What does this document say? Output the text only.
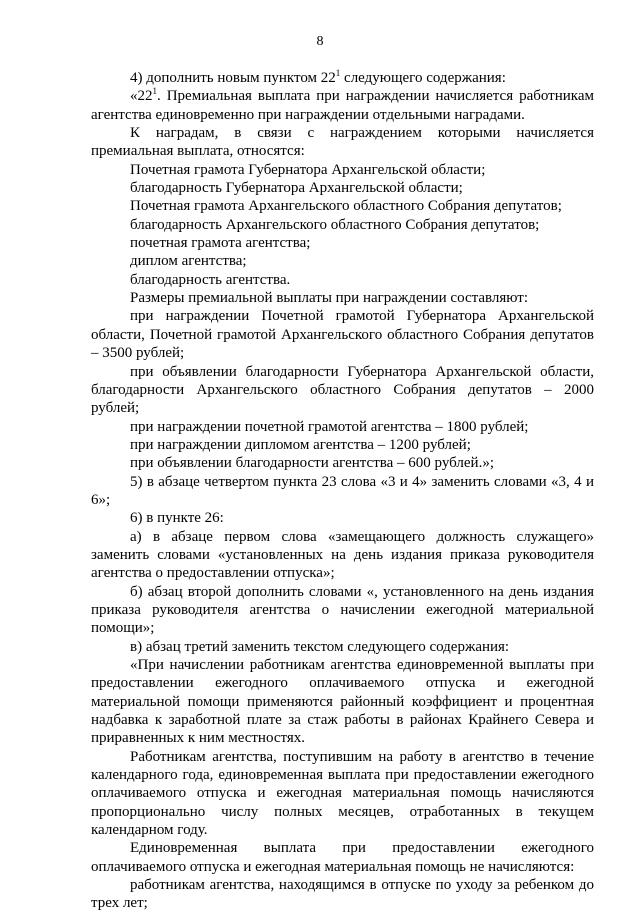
8

4) дополнить новым пунктом $22^1$ следующего содержания:

«$22^1$. Премиальная выплата при награждении начисляется работникам агентства единовременно при награждении отдельными наградами.

К наградам, в связи с награждением которыми начисляется премиальная выплата, относятся:

Почетная грамота Губернатора Архангельской области;

благодарность Губернатора Архангельской области;

Почетная грамота Архангельского областного Собрания депутатов;

благодарность Архангельского областного Собрания депутатов;

почетная грамота агентства;

диплом агентства;

благодарность агентства.

Размеры премиальной выплаты при награждении составляют:

при награждении Почетной грамотой Губернатора Архангельской области, Почетной грамотой Архангельского областного Собрания депутатов – 3500 рублей;

при объявлении благодарности Губернатора Архангельской области, благодарности Архангельского областного Собрания депутатов – 2000 рублей;

при награждении почетной грамотой агентства – 1800 рублей;

при награждении дипломом агентства – 1200 рублей;

при объявлении благодарности агентства – 600 рублей.»;

5) в абзаце четвертом пункта 23 слова «3 и 4» заменить словами «3, 4 и 6»;

6) в пункте 26:

а) в абзаце первом слова «замещающего должность служащего» заменить словами «установленных на день издания приказа руководителя агентства о предоставлении отпуска»;

б) абзац второй дополнить словами «, установленного на день издания приказа руководителя агентства о начислении ежегодной материальной помощи»;

в) абзац третий заменить текстом следующего содержания:

«При начислении работникам агентства единовременной выплаты при предоставлении ежегодного оплачиваемого отпуска и ежегодной материальной помощи применяются районный коэффициент и процентная надбавка к заработной плате за стаж работы в районах Крайнего Севера и приравненных к ним местностях.

Работникам агентства, поступившим на работу в агентство в течение календарного года, единовременная выплата при предоставлении ежегодного оплачиваемого отпуска и ежегодная материальная помощь начисляются пропорционально числу полных месяцев, отработанных в текущем календарном году.

Единовременная выплата при предоставлении ежегодного оплачиваемого отпуска и ежегодная материальная помощь не начисляются:

работникам агентства, находящимся в отпуске по уходу за ребенком до трех лет;
